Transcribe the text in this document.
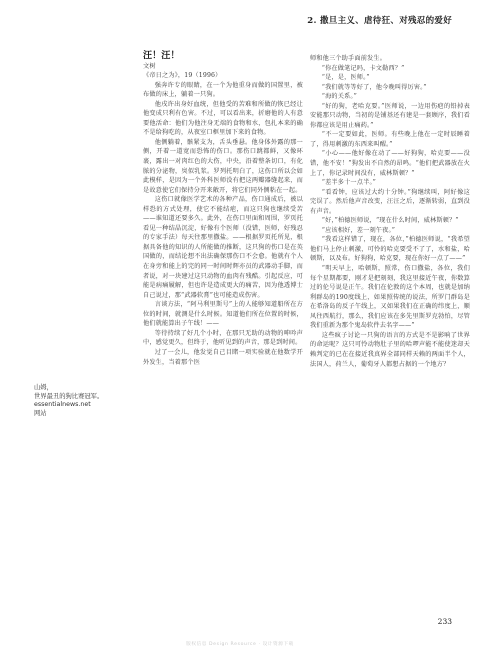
2. 撒旦主义、虐待狂、对残忍的爱好

汪！汪！

文树

《帝日之为》，19（1996）

强奔许专的眼睛，在一个为他重身而做的国置里，被布做的床上，躺着一只狗。

他戌许出身好血统，但他受的苦难和所做的恢已经让他变成只利有色害。不过，可以看出来，折磨他的人有意要他活命：他们为他注身无端的食物和水，包扎本来的确不是给狗吃的，从夜室口框里加下来的食物。

他侧躺着，骸紧支为，舌头垂悬。他身体外露的那一侧，开着一道宽而恐怖的伤口。那伤口跳都鲜，又像环裹，露出一对肉红色的大伤，中央，沿着整条切口，有化脓的分泌物，臭似乳浆。罗列托明白了，这伤口所以会如此模样，是因为一个外科医师没有把这两瓣器缝起来，而是故意使它们保持分开来敞开，将它们同外侧粘在一起。

这伤口就像医学艺术的各种产品，伤口通成后，被以样恐的方式处理，使它不能结疤，而这只狗也继续受苦——谁知道还要多久。此外，在伤口里面和周围，罗页托看见一种结晶沉淀，好像有个医师（没错，医师，好残忍的专家手法）每天往那里撒盐。——根据罗页托所见，根据具备他的知识的人所能做的推断，这只狗的伤口是在英国做的，而结论想不出法确保那伤口不会愈。他就有个人在身旁和能上的完的同一时间时辉亦员的武器动手脚，而者说，对一块建过这只动物的血肉有残酷。引起反应，可能是病痛履解，但也许是造成更大的痛苦，因为他透博士自己说过，那“武器软膏”也可能造成伤害。

言谈方法，“阿马利里斯号”上的人能够知道船所在方位的时间，就测是什么时候。知道他们所在位置的时候，他们就能算出子午线！——

等待持续了好几个小时，在那只无助的动物的呻吟声中，感觉更久，但终于，他听见到的声音，那是到时间。

过了一会儿，他发觉自己目睹一项实验就在他数学开外发生，当着那个医

师和他三个助手面前发生。

“你在做笔记吗，卡文勒西？”

“是，是，医师。”

“我们就等等好了，他今晚叫得厉害。”

“海的关系。”

“好的狗，老哈克要。”医师说，一边用伤疤的铅掉表安能那只动物，当初的是铺基还有建是一套顾序，我们看你都应该是用止痛药。”

“不一定要如此，医师。有些晚上他在一定时辰睡着了，得用刺激的东西来叫醒。”

“小心——他好像在动了——好狗狗，哈克要——没错，他不安！”狗发出不自然的昂鸣。“他们把武器放在火上了，你记录时间没有，威林斯顿？”

“差半多十一点半。”

“看看钟，应该过大约十分钟。”狗继续叫，阿好像这完误了。然后他声音改变，汪汪之后，逐渐转弱，直到没有声音。

“好，”柏德医师说，“现在什么时间，威林斯顿？”

“应该相好，差一刻午夜。”

“我看这样错了，现在，各位，”柏德医师说，“我希望他们马上停止刺激，可怜的哈克要受不了了，水和盐，哈顿斯，以及布。好狗狗，哈克要，现在你好一点了——”

“明天早上，哈顿斯，照常，伤口撒盐，各位，我们每个星期都要，刚才是把刻刻，我这里接近午夜，你数算过的伦号说是正午。我们在伦敦的这个本周，也就是加纳利群岛的190度线上，如果照传统的说法，所罗门群岛是在希洛岛的反子午线上，又如果我们在正确的纬度上，顺风往西航行，那么，我们应该在多先里斯罗克勃怕，尽管我们重新为那个鬼岛软件去名字——”

这些疯子讨论一只狗的语言的方式是不是影响了世界的命运呢？这只可怜动物肚子里的哈啰声能不能使迷却天赖判定的已在在接近我真界全部同样天赖的两面半个人，法国人，荷兰人，葡萄牙人都想占据的一个地方？

山姆，
世界最丑的狗比赛冠军。
essentialnews.net
网站
233
版权信息 Design Resource · 设计资源下载
